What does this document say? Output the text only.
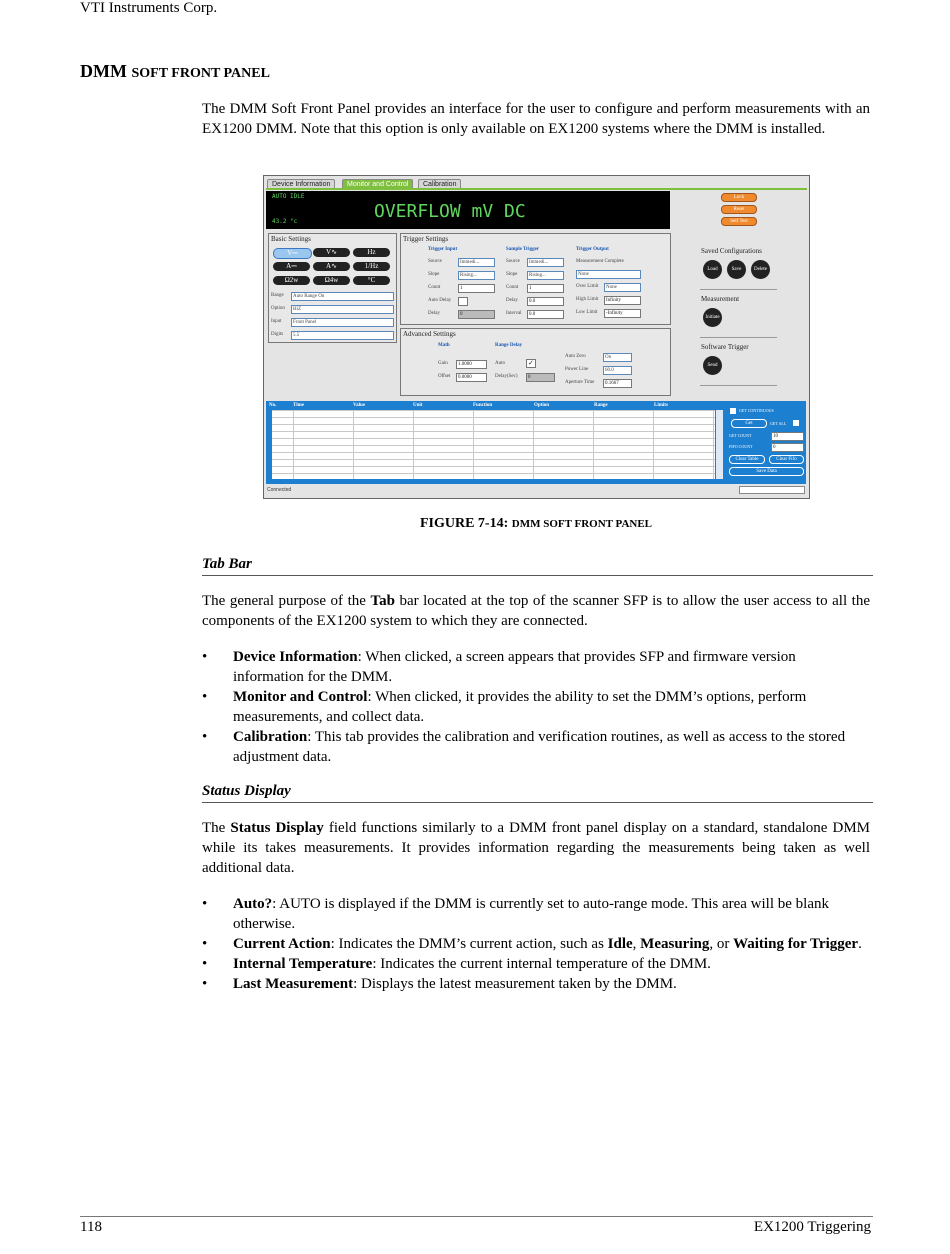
VTI Instruments Corp.
DMM SOFT FRONT PANEL
The DMM Soft Front Panel provides an interface for the user to configure and perform measurements with an EX1200 DMM. Note that this option is only available on EX1200 systems where the DMM is installed.
Device Information	Monitor and Control	Calibration
AUTO IDLE
OVERFLOW mV DC
43.2 °c
Lock
Reset
Self Test
Basic Settings
V⎓	V∿	Hz
A⎓	A∿	1/Hz
Ω2w	Ω4w	°C
Range	Auto Range On
Option	HiZ
Input	Front Panel
Digits	5.5
Trigger Settings
Trigger Input
Source	Immedi...
Slope	Rising...
Count	1
Auto Delay
Delay	0
Sample Trigger
Source	Immedi...
Slope	Rising...
Count	1
Delay	0.0
Interval	0.0
Trigger Output
Measurement Complete
None
Over Limit	None
High Limit	Infinity
Low Limit	-Infinity
Advanced Settings
Math
Gain	1.0000
Offset	0.0000
Range Delay
Auto	✓
Delay(Sec)	0
Auto Zero	On
Power Line	60.0
Aperture Time	0.1667
Saved Configurations
Load	Save	Delete
Measurement
Initiate
Software Trigger
Send
No.	Time	Value	Unit	Function	Option	Range	Limits
GET CONTINUOUS
Get	GET ALL
GET COUNT	10
FIFO COUNT	0
Clear Table	Clear Fifo
Save Data
Connected
FIGURE 7-14: DMM SOFT FRONT PANEL
Tab Bar
The general purpose of the Tab bar located at the top of the scanner SFP is to allow the user access to all the components of the EX1200 system to which they are connected.
• Device Information: When clicked, a screen appears that provides SFP and firmware version information for the DMM.
• Monitor and Control: When clicked, it provides the ability to set the DMM’s options, perform measurements, and collect data.
• Calibration: This tab provides the calibration and verification routines, as well as access to the stored adjustment data.
Status Display
The Status Display field functions similarly to a DMM front panel display on a standard, standalone DMM while its takes measurements. It provides information regarding the measurements being taken as well additional data.
• Auto?: AUTO is displayed if the DMM is currently set to auto-range mode. This area will be blank otherwise.
• Current Action: Indicates the DMM’s current action, such as Idle, Measuring, or Waiting for Trigger.
• Internal Temperature: Indicates the current internal temperature of the DMM.
• Last Measurement: Displays the latest measurement taken by the DMM.
118	EX1200 Triggering
